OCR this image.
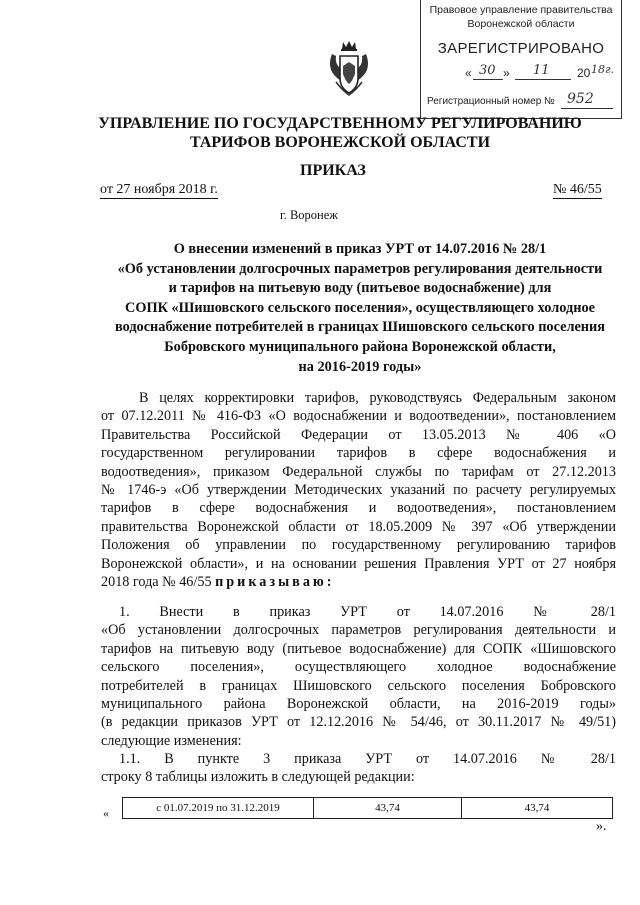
Правовое управление правительства
Воронежской области
ЗАРЕГИСТРИРОВАНО
« 30 » 11 20 18г.
Регистрационный номер № 952
УПРАВЛЕНИЕ ПО ГОСУДАРСТВЕННОМУ РЕГУЛИРОВАНИЮ
ТАРИФОВ ВОРОНЕЖСКОЙ ОБЛАСТИ
ПРИКАЗ
от 27 ноября 2018 г.	№ 46/55
г. Воронеж
О внесении изменений в приказ УРТ от 14.07.2016 № 28/1
«Об установлении долгосрочных параметров регулирования деятельности
и тарифов на питьевую воду (питьевое водоснабжение) для
СОПК «Шишовского сельского поселения», осуществляющего холодное
водоснабжение потребителей в границах Шишовского сельского поселения
Бобровского муниципального района Воронежской области,
на 2016-2019 годы»
В целях корректировки тарифов, руководствуясь Федеральным законом
от 07.12.2011 № 416-ФЗ «О водоснабжении и водоотведении», постановлением
Правительства Российской Федерации от 13.05.2013 № 406 «О
государственном регулировании тарифов в сфере водоснабжения и
водоотведения», приказом Федеральной службы по тарифам от 27.12.2013
№ 1746-э «Об утверждении Методических указаний по расчету регулируемых
тарифов в сфере водоснабжения и водоотведения», постановлением
правительства Воронежской области от 18.05.2009 № 397 «Об утверждении
Положения об управлении по государственному регулированию тарифов
Воронежской области», и на основании решения Правления УРТ от 27 ноября
2018 года № 46/55 приказываю:
1. Внести в приказ УРТ от 14.07.2016 № 28/1
«Об установлении долгосрочных параметров регулирования деятельности и
тарифов на питьевую воду (питьевое водоснабжение) для СОПК «Шишовского
сельского поселения», осуществляющего холодное водоснабжение
потребителей в границах Шишовского сельского поселения Бобровского
муниципального района Воронежской области, на 2016-2019 годы»
(в редакции приказов УРТ от 12.12.2016 № 54/46, от 30.11.2017 № 49/51)
следующие изменения:
1.1. В пункте 3 приказа УРТ от 14.07.2016 № 28/1
строку 8 таблицы изложить в следующей редакции:
«	с 01.07.2019 по 31.12.2019	43,74	43,74
».
